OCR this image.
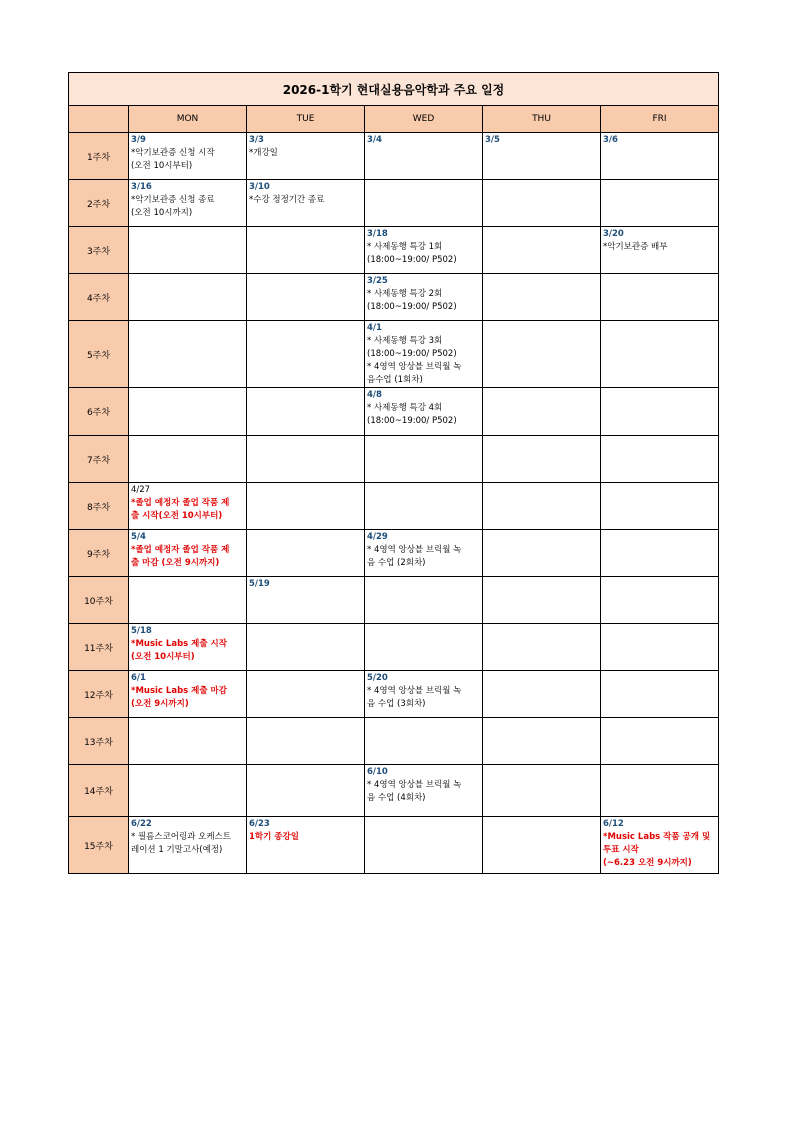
2026-1학기 현대실용음악학과 주요 일정					
	MON	TUE	WED	THU	FRI
1주차	3/9
*악기보관증 신청 시작
(오전 10시부터)	3/3
*개강일	3/4	3/5	3/6

2주차	3/16
*악기보관증 신청 종료
(오전 10시까지)	3/10
*수강 정정기간 종료			

3주차			3/18
* 사제동행 특강 1회
(18:00~19:00/ P502)		3/20
*악기보관증 배부

4주차			3/25
* 사제동행 특강 2회
(18:00~19:00/ P502)		

5주차			4/1
* 사제동행 특강 3회
(18:00~19:00/ P502)
* 4영역 앙상블 브릭월 녹
음수업 (1회차)		

6주차			4/8
* 사제동행 특강 4회
(18:00~19:00/ P502)		

7주차					
8주차	4/27
*졸업 예정자 졸업 작품 제
출 시작(오전 10시부터)				

9주차	5/4
*졸업 예정자 졸업 작품 제
출 마감 (오전 9시까지)		4/29
* 4영역 앙상블 브릭월 녹
음 수업 (2회차)		

10주차		5/19			

11주차	5/18
*Music Labs 제출 시작
(오전 10시부터)				

12주차	6/1
*Music Labs 제출 마감
(오전 9시까지)		5/20
* 4영역 앙상블 브릭월 녹
음 수업 (3회차)		

13주차					
14주차			6/10
* 4영역 앙상블 브릭월 녹
음 수업 (4회차)		

15주차	6/22
* 필름스코어링과 오케스트
레이션 1 기말고사(예정)	6/23
1학기 종강일			6/12
*Music Labs 작품 공개 및
투표 시작
(~6.23 오전 9시까지)
